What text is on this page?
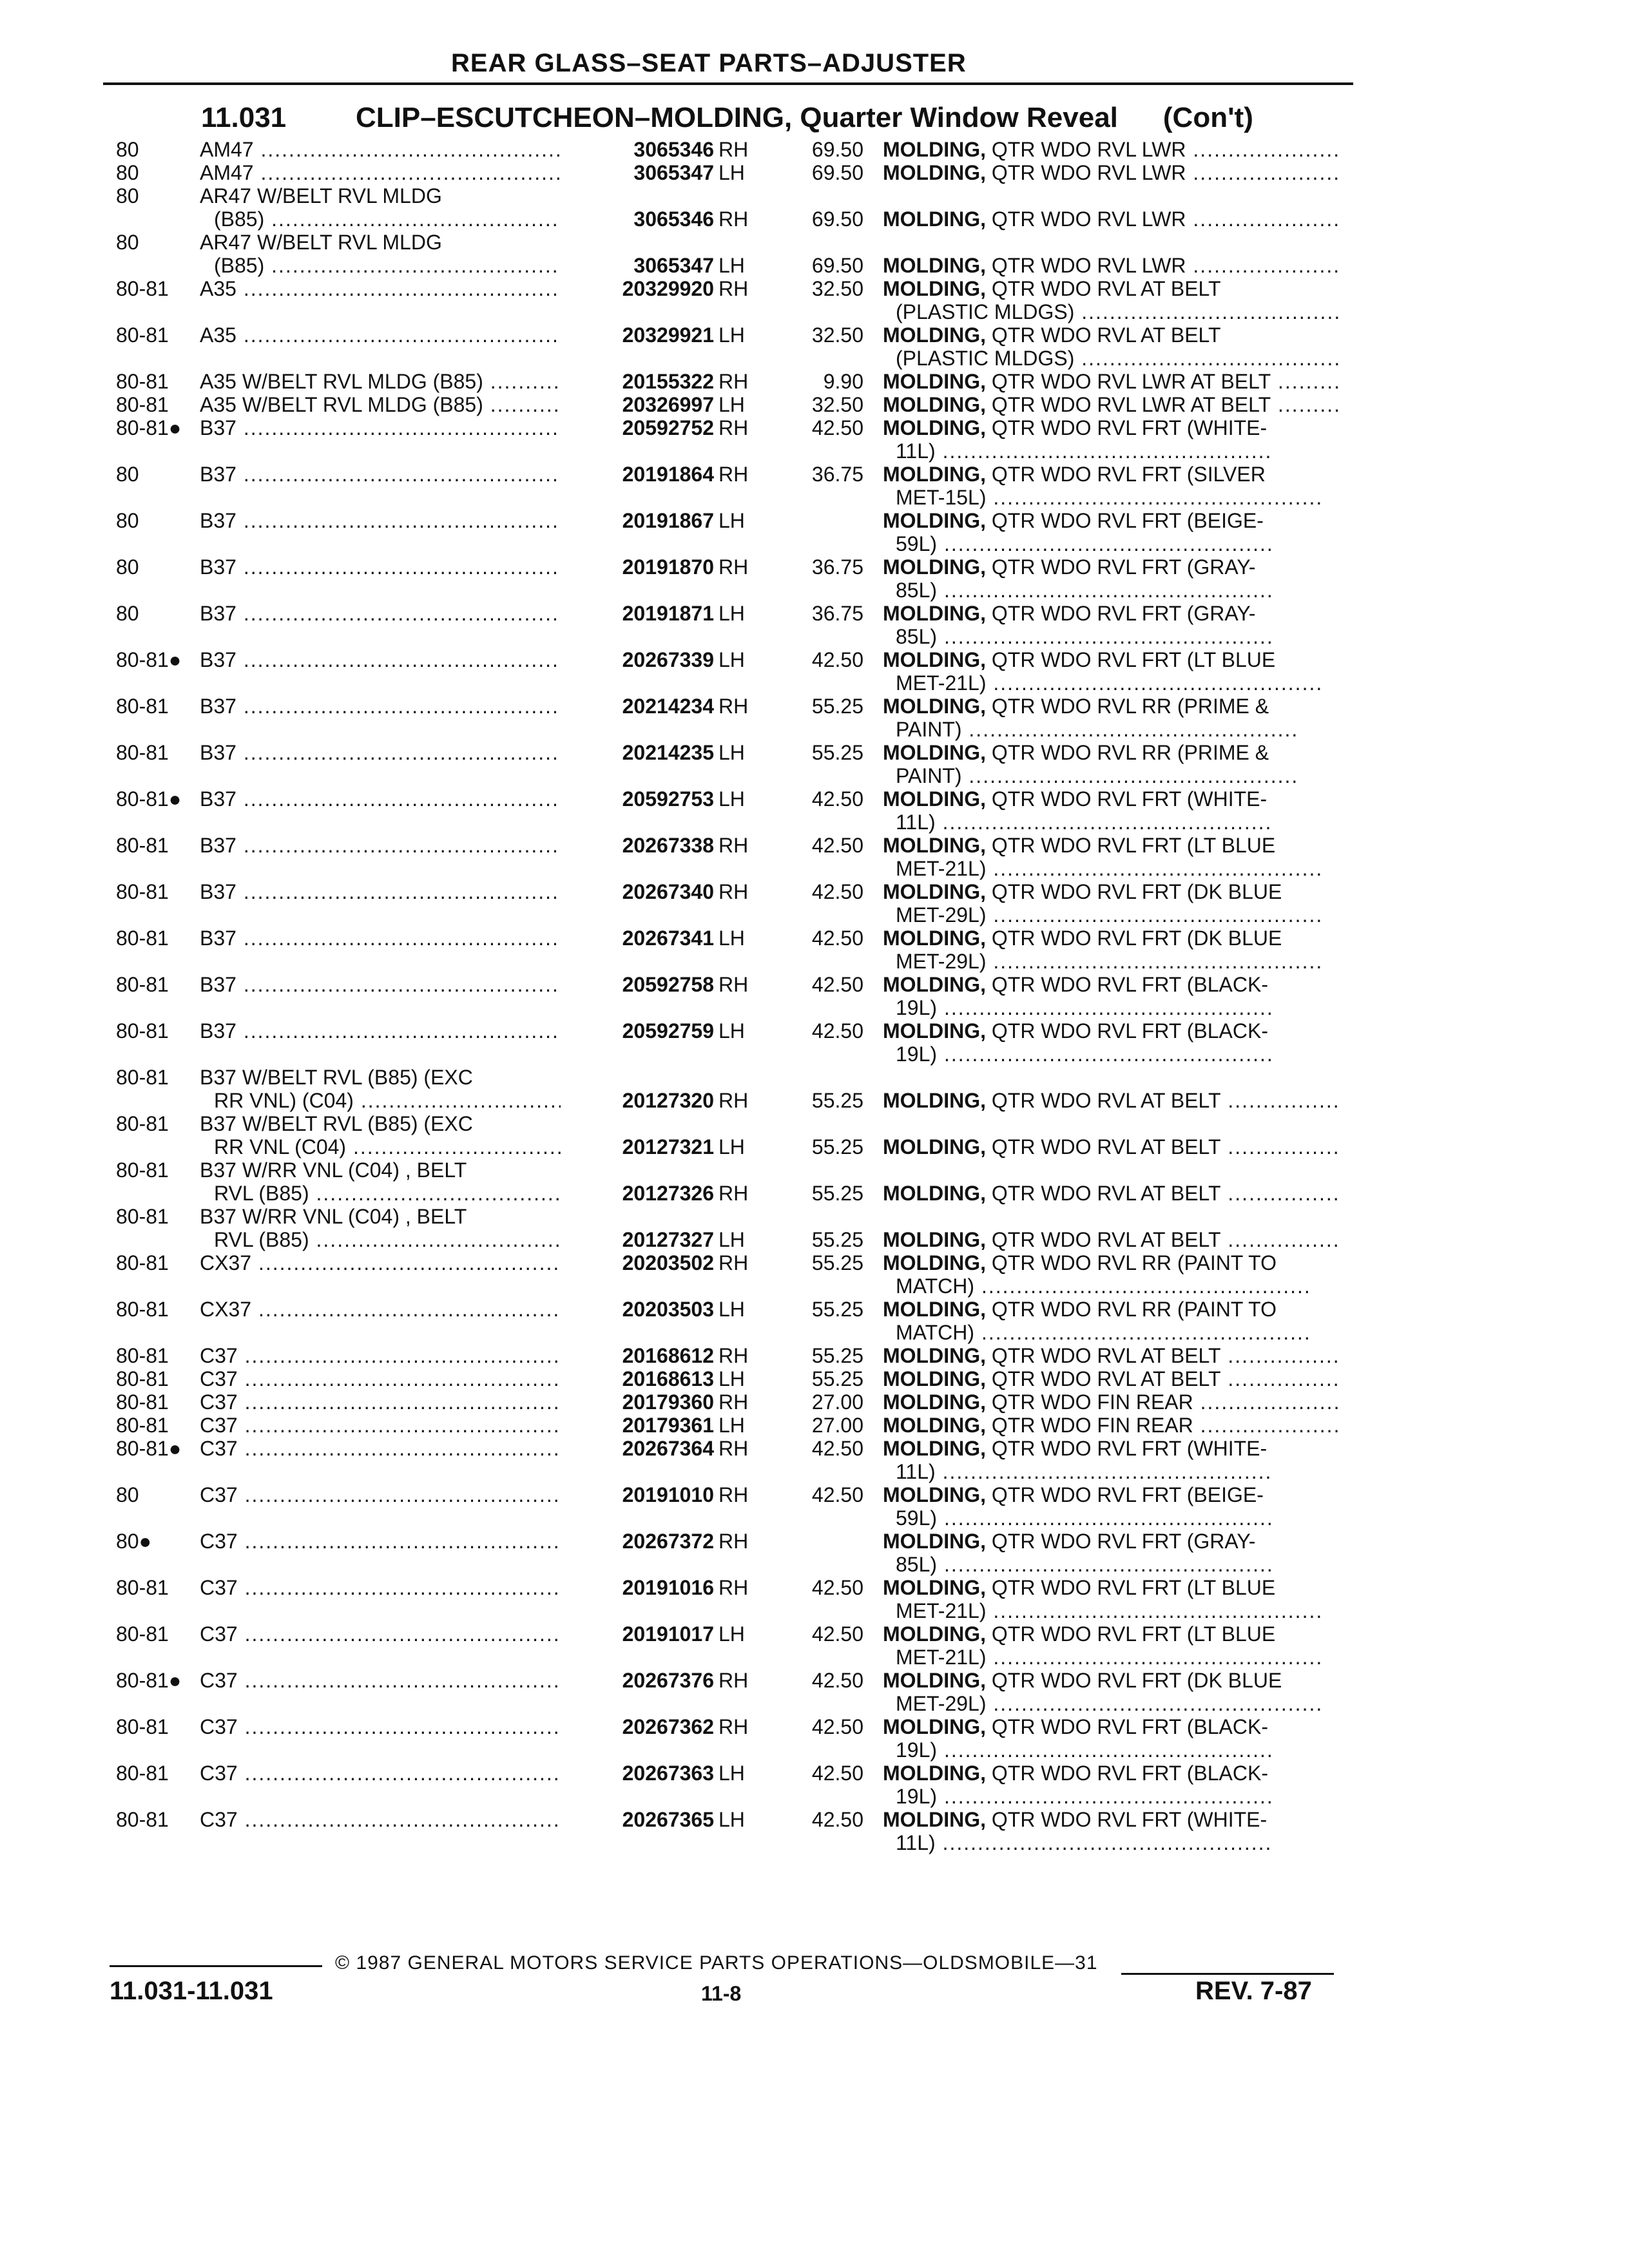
REAR GLASS–SEAT PARTS–ADJUSTER
11.031 CLIP–ESCUTCHEON–MOLDING, Quarter Window Reveal (Con't)
80	AM47 .....	3065346 RH	69.50 MOLDING, QTR WDO RVL LWR .....
80	AM47 .....	3065347 LH	69.50 MOLDING, QTR WDO RVL LWR .....
80	AR47 W/BELT RVL MLDG
(B85) .....	3065346 RH	69.50 MOLDING, QTR WDO RVL LWR .....
80	AR47 W/BELT RVL MLDG
(B85) .....	3065347 LH	69.50 MOLDING, QTR WDO RVL LWR .....
80-81	A35 .....	20329920 RH	32.50 MOLDING, QTR WDO RVL AT BELT
(PLASTIC MLDGS) .....
80-81	A35 .....	20329921 LH	32.50 MOLDING, QTR WDO RVL AT BELT
(PLASTIC MLDGS) .....
80-81	A35 W/BELT RVL MLDG (B85) .....	20155322 RH	9.90 MOLDING, QTR WDO RVL LWR AT BELT .....
80-81	A35 W/BELT RVL MLDG (B85) .....	20326997 LH	32.50 MOLDING, QTR WDO RVL LWR AT BELT .....
80-81● B37 .....	20592752 RH	42.50 MOLDING, QTR WDO RVL FRT (WHITE-
11L) .....
80	B37 .....	20191864 RH	36.75 MOLDING, QTR WDO RVL FRT (SILVER
MET-15L) .....
80	B37 .....	20191867 LH	MOLDING, QTR WDO RVL FRT (BEIGE-
59L) .....
80	B37 .....	20191870 RH	36.75 MOLDING, QTR WDO RVL FRT (GRAY-
85L) .....
80	B37 .....	20191871 LH	36.75 MOLDING, QTR WDO RVL FRT (GRAY-
85L) .....
80-81● B37 .....	20267339 LH	42.50 MOLDING, QTR WDO RVL FRT (LT BLUE
MET-21L) .....
80-81	B37 .....	20214234 RH	55.25 MOLDING, QTR WDO RVL RR (PRIME &
PAINT) .....
80-81	B37 .....	20214235 LH	55.25 MOLDING, QTR WDO RVL RR (PRIME &
PAINT) .....
80-81● B37 .....	20592753 LH	42.50 MOLDING, QTR WDO RVL FRT (WHITE-
11L) .....
80-81	B37 .....	20267338 RH	42.50 MOLDING, QTR WDO RVL FRT (LT BLUE
MET-21L) .....
80-81	B37 .....	20267340 RH	42.50 MOLDING, QTR WDO RVL FRT (DK BLUE
MET-29L) .....
80-81	B37 .....	20267341 LH	42.50 MOLDING, QTR WDO RVL FRT (DK BLUE
MET-29L) .....
80-81	B37 .....	20592758 RH	42.50 MOLDING, QTR WDO RVL FRT (BLACK-
19L) .....
80-81	B37 .....	20592759 LH	42.50 MOLDING, QTR WDO RVL FRT (BLACK-
19L) .....
80-81	B37 W/BELT RVL (B85) (EXC
RR VNL) (C04) .....	20127320 RH	55.25 MOLDING, QTR WDO RVL AT BELT .....
80-81	B37 W/BELT RVL (B85) (EXC
RR VNL (C04) .....	20127321 LH	55.25 MOLDING, QTR WDO RVL AT BELT .....
80-81	B37 W/RR VNL (C04) , BELT
RVL (B85) .....	20127326 RH	55.25 MOLDING, QTR WDO RVL AT BELT .....
80-81	B37 W/RR VNL (C04) , BELT
RVL (B85) .....	20127327 LH	55.25 MOLDING, QTR WDO RVL AT BELT .....
80-81	CX37 .....	20203502 RH	55.25 MOLDING, QTR WDO RVL RR (PAINT TO
MATCH) .....
80-81	CX37 .....	20203503 LH	55.25 MOLDING, QTR WDO RVL RR (PAINT TO
MATCH) .....
80-81	C37 .....	20168612 RH	55.25 MOLDING, QTR WDO RVL AT BELT .....
80-81	C37 .....	20168613 LH	55.25 MOLDING, QTR WDO RVL AT BELT .....
80-81	C37 .....	20179360 RH	27.00 MOLDING, QTR WDO FIN REAR .....
80-81	C37 .....	20179361 LH	27.00 MOLDING, QTR WDO FIN REAR .....
80-81● C37 .....	20267364 RH	42.50 MOLDING, QTR WDO RVL FRT (WHITE-
11L) .....
80	C37 .....	20191010 RH	42.50 MOLDING, QTR WDO RVL FRT (BEIGE-
59L) .....
80●	C37 .....	20267372 RH	MOLDING, QTR WDO RVL FRT (GRAY-
85L) .....
80-81	C37 .....	20191016 RH	42.50 MOLDING, QTR WDO RVL FRT (LT BLUE
MET-21L) .....
80-81	C37 .....	20191017 LH	42.50 MOLDING, QTR WDO RVL FRT (LT BLUE
MET-21L) .....
80-81● C37 .....	20267376 RH	42.50 MOLDING, QTR WDO RVL FRT (DK BLUE
MET-29L) .....
80-81	C37 .....	20267362 RH	42.50 MOLDING, QTR WDO RVL FRT (BLACK-
19L) .....
80-81	C37 .....	20267363 LH	42.50 MOLDING, QTR WDO RVL FRT (BLACK-
19L) .....
80-81	C37 .....	20267365 LH	42.50 MOLDING, QTR WDO RVL FRT (WHITE-
11L) .....
© 1987 GENERAL MOTORS SERVICE PARTS OPERATIONS—OLDSMOBILE—31
11.031-11.031	11-8	REV. 7-87
